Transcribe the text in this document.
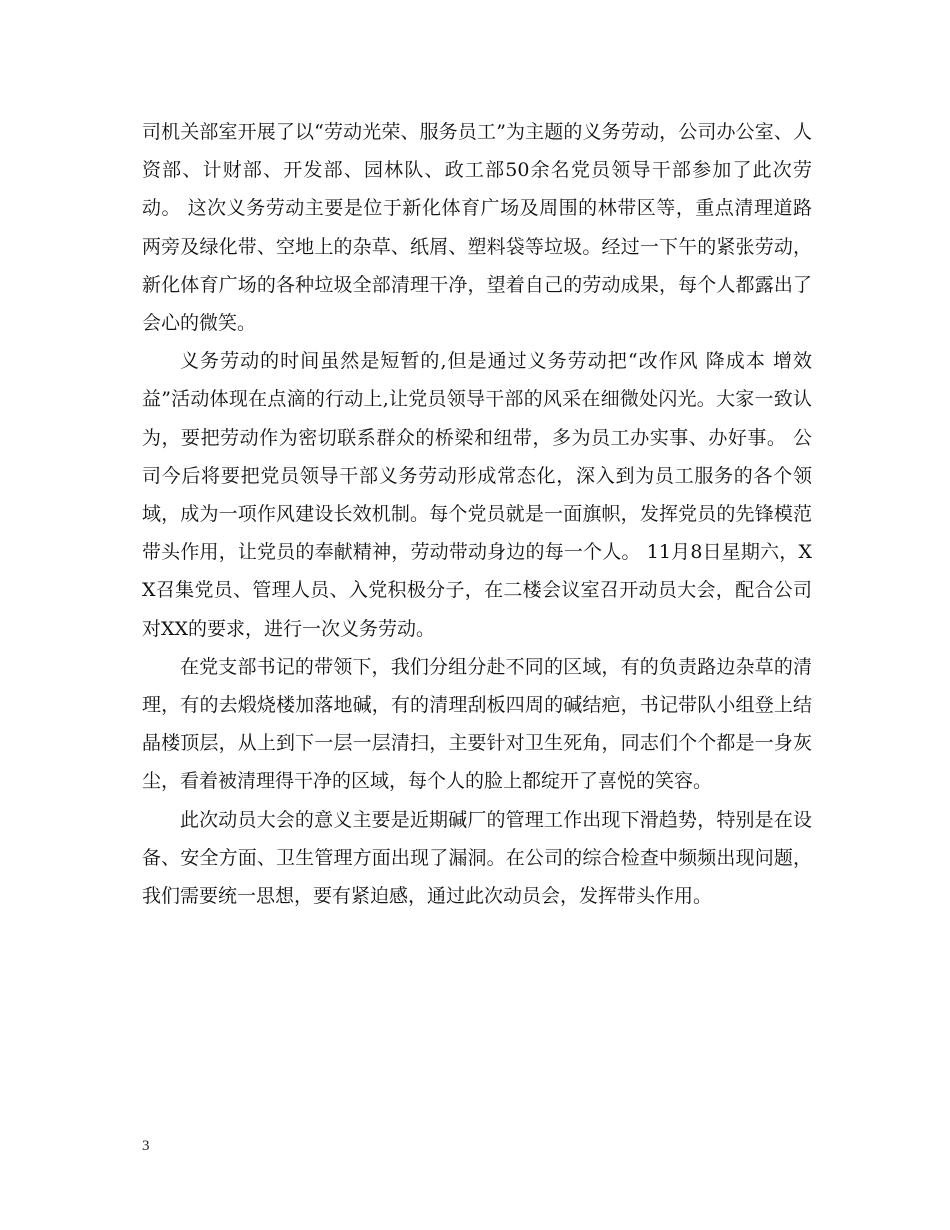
司机关部室开展了以“劳动光荣、服务员工”为主题的义务劳动，公司办公室、人资部、计财部、开发部、园林队、政工部50余名党员领导干部参加了此次劳动。 这次义务劳动主要是位于新化体育广场及周围的林带区等，重点清理道路两旁及绿化带、空地上的杂草、纸屑、塑料袋等垃圾。经过一下午的紧张劳动，新化体育广场的各种垃圾全部清理干净，望着自己的劳动成果，每个人都露出了会心的微笑。

义务劳动的时间虽然是短暂的,但是通过义务劳动把“改作风 降成本 增效益”活动体现在点滴的行动上,让党员领导干部的风采在细微处闪光。大家一致认为，要把劳动作为密切联系群众的桥梁和纽带，多为员工办实事、办好事。 公司今后将要把党员领导干部义务劳动形成常态化，深入到为员工服务的各个领域，成为一项作风建设长效机制。每个党员就是一面旗帜，发挥党员的先锋模范带头作用，让党员的奉献精神，劳动带动身边的每一个人。 11月8日星期六，XX召集党员、管理人员、入党积极分子，在二楼会议室召开动员大会，配合公司对XX的要求，进行一次义务劳动。

在党支部书记的带领下，我们分组分赴不同的区域，有的负责路边杂草的清理，有的去煅烧楼加落地碱，有的清理刮板四周的碱结疤，书记带队小组登上结晶楼顶层，从上到下一层一层清扫，主要针对卫生死角，同志们个个都是一身灰尘，看着被清理得干净的区域，每个人的脸上都绽开了喜悦的笑容。

此次动员大会的意义主要是近期碱厂的管理工作出现下滑趋势，特别是在设备、安全方面、卫生管理方面出现了漏洞。在公司的综合检查中频频出现问题，我们需要统一思想，要有紧迫感，通过此次动员会，发挥带头作用。

3
